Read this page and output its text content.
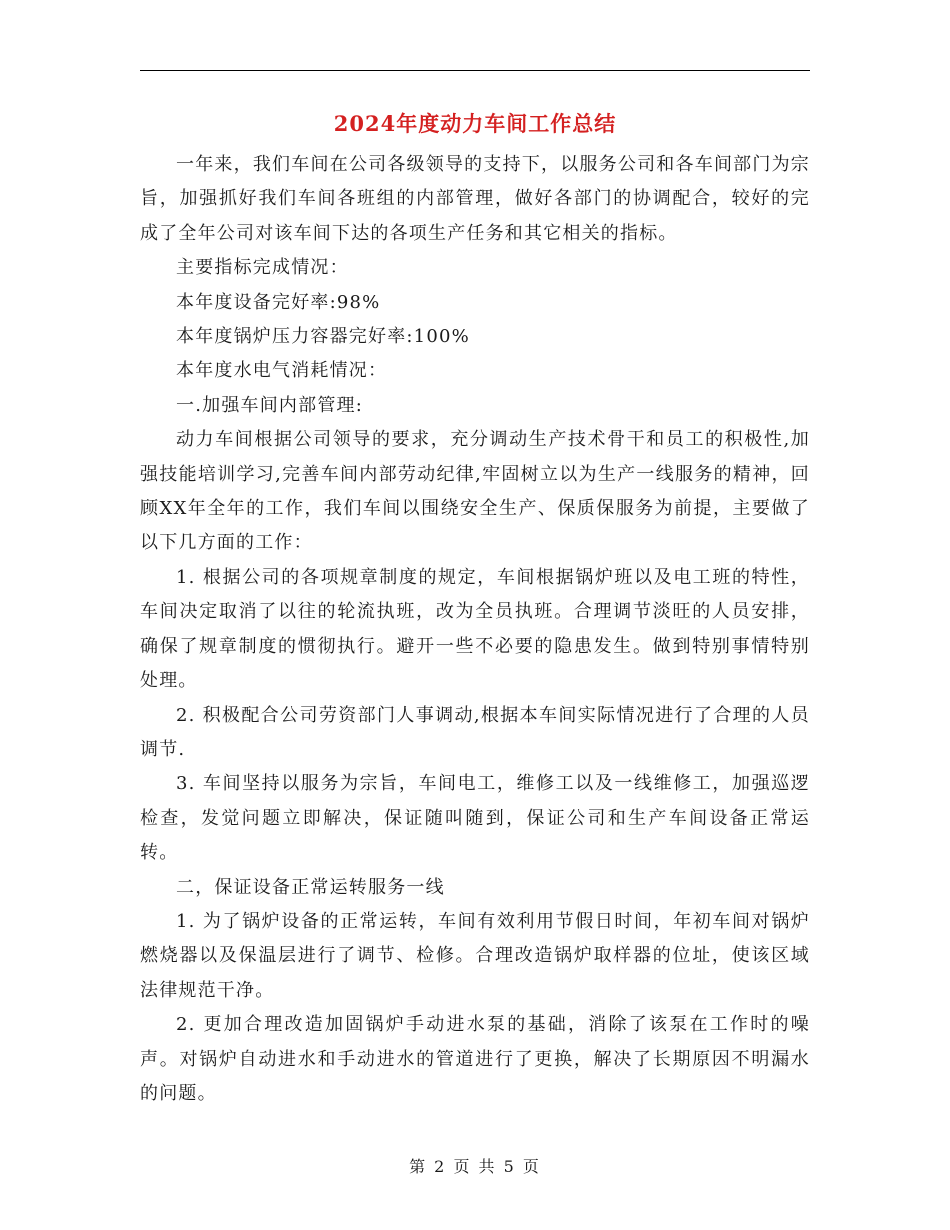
2024年度动力车间工作总结

一年来，我们车间在公司各级领导的支持下，以服务公司和各车间部门为宗旨，加强抓好我们车间各班组的内部管理，做好各部门的协调配合，较好的完成了全年公司对该车间下达的各项生产任务和其它相关的指标。

主要指标完成情况：

本年度设备完好率:98%

本年度锅炉压力容器完好率:100%

本年度水电气消耗情况：

一.加强车间内部管理:

动力车间根据公司领导的要求，充分调动生产技术骨干和员工的积极性,加强技能培训学习,完善车间内部劳动纪律,牢固树立以为生产一线服务的精神，回顾XX年全年的工作，我们车间以围绕安全生产、保质保服务为前提，主要做了以下几方面的工作：

1. 根据公司的各项规章制度的规定，车间根据锅炉班以及电工班的特性，车间决定取消了以往的轮流执班，改为全员执班。合理调节淡旺的人员安排，确保了规章制度的惯彻执行。避开一些不必要的隐患发生。做到特别事情特别处理。

2. 积极配合公司劳资部门人事调动,根据本车间实际情况进行了合理的人员调节.

3. 车间坚持以服务为宗旨，车间电工，维修工以及一线维修工，加强巡逻检查，发觉问题立即解决，保证随叫随到，保证公司和生产车间设备正常运转。

二，保证设备正常运转服务一线

1. 为了锅炉设备的正常运转，车间有效利用节假日时间，年初车间对锅炉燃烧器以及保温层进行了调节、检修。合理改造锅炉取样器的位址，使该区域法律规范干净。

2. 更加合理改造加固锅炉手动进水泵的基础，消除了该泵在工作时的噪声。对锅炉自动进水和手动进水的管道进行了更换，解决了长期原因不明漏水的问题。

第 2 页 共 5 页
